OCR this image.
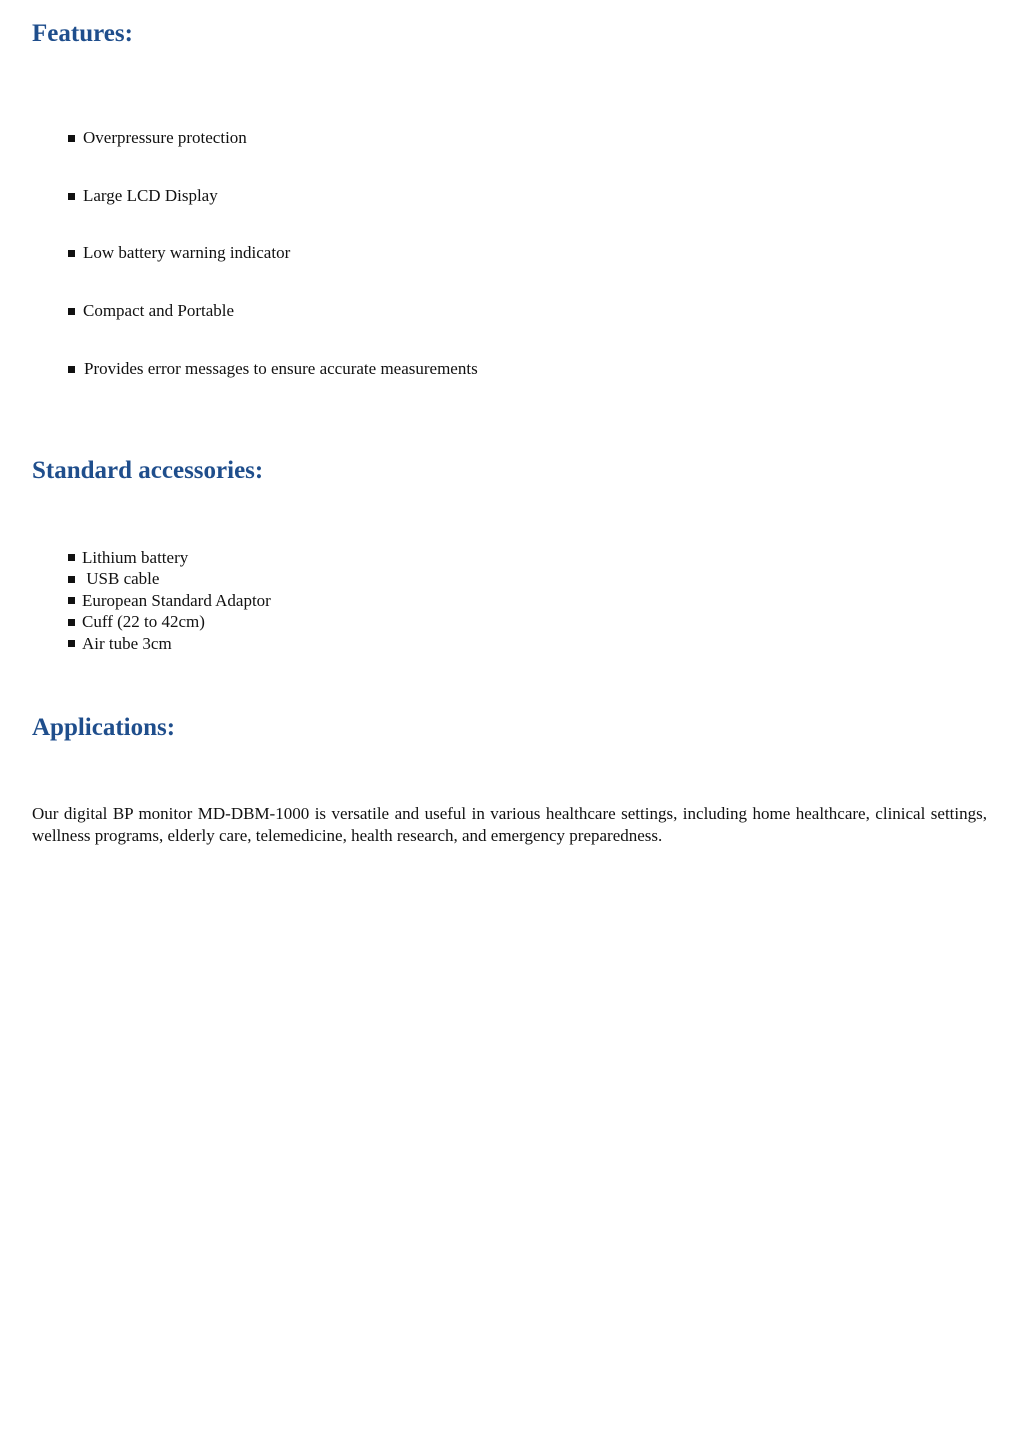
Features:
Overpressure protection
Large LCD Display
Low battery warning indicator
Compact and Portable
Provides error messages to ensure accurate measurements
Standard accessories:
Lithium battery
USB cable
European Standard Adaptor
Cuff (22 to 42cm)
Air tube 3cm
Applications:

Our digital BP monitor MD-DBM-1000 is versatile and useful in various healthcare settings, including home healthcare, clinical settings, wellness programs, elderly care, telemedicine, health research, and emergency preparedness.
